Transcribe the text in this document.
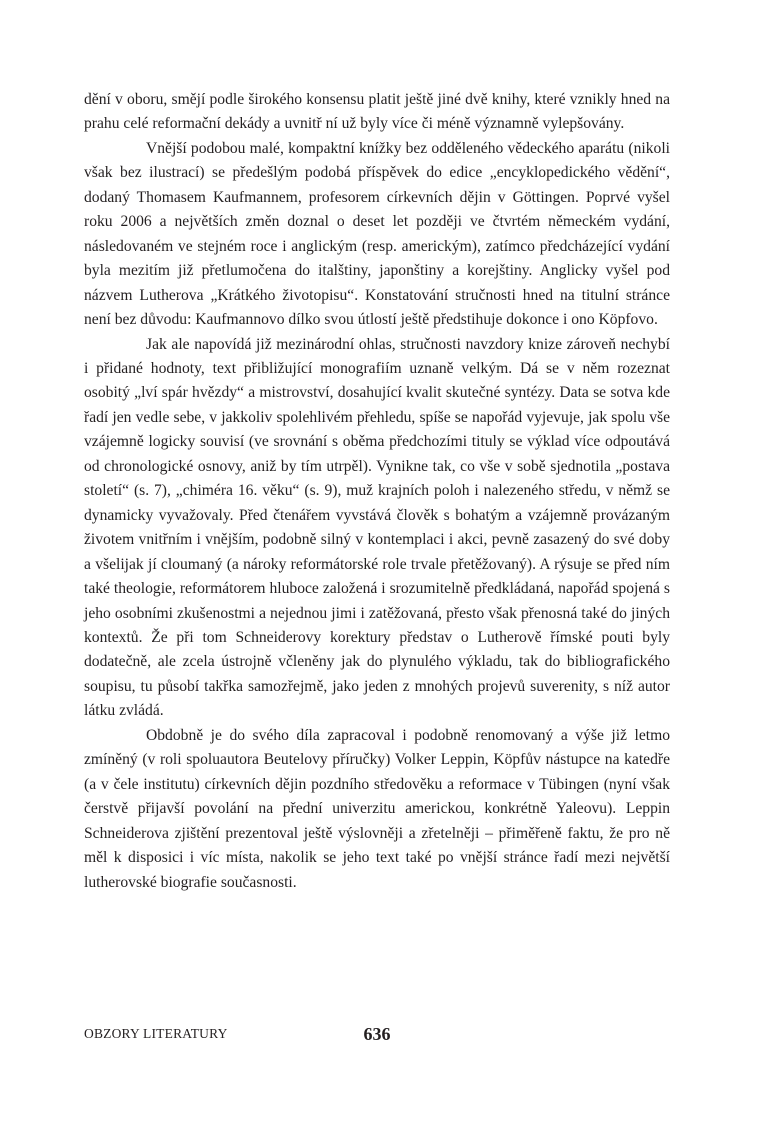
dění v oboru, smějí podle širokého konsensu platit ještě jiné dvě knihy, které vznikly hned na prahu celé reformační dekády a uvnitř ní už byly více či méně významně vylepšovány.

Vnější podobou malé, kompaktní knížky bez odděleného vědeckého aparátu (nikoli však bez ilustrací) se předešlým podobá příspěvek do edice „encyklopedického vědění“, dodaný Thomasem Kaufmannem, profesorem církevních dějin v Göttingen. Poprvé vyšel roku 2006 a největších změn doznal o deset let později ve čtvrtém německém vydání, následovaném ve stejném roce i anglickým (resp. americkým), zatímco předcházející vydání byla mezitím již přetlumočena do italštiny, japonštiny a korejštiny. Anglicky vyšel pod názvem Lutherova „Krátkého životopisu“. Konstatování stručnosti hned na titulní stránce není bez důvodu: Kaufmannovo dílko svou útlostí ještě předstihuje dokonce i ono Köpfovo.

Jak ale napovídá již mezinárodní ohlas, stručnosti navzdory knize zároveň nechybí i přidané hodnoty, text přibližující monografiím uznaně velkým. Dá se v něm rozeznat osobitý „lví spár hvězdy“ a mistrovství, dosahující kvalit skutečné syntézy. Data se sotva kde řadí jen vedle sebe, v jakkoliv spolehlivém přehledu, spíše se napořád vyjevuje, jak spolu vše vzájemně logicky souvisí (ve srovnání s oběma předchozími tituly se výklad více odpoutává od chronologické osnovy, aniž by tím utrpěl). Vynikne tak, co vše v sobě sjednotila „postava století“ (s. 7), „chiméra 16. věku“ (s. 9), muž krajních poloh i nalezeného středu, v němž se dynamicky vyvažovaly. Před čtenářem vyvstává člověk s bohatým a vzájemně provázaným životem vnitřním i vnějším, podobně silný v kontemplaci i akci, pevně zasazený do své doby a všelijak jí cloumaný (a nároky reformátorské role trvale přetěžovaný). A rýsuje se před ním také theologie, reformátorem hluboce založená i srozumitelně předkládaná, napořád spojená s jeho osobními zkušenostmi a nejednou jimi i zatěžovaná, přesto však přenosná také do jiných kontextů. Že při tom Schneiderovy korektury představ o Lutherově římské pouti byly dodatečně, ale zcela ústrojně včleněny jak do plynulého výkladu, tak do bibliografického soupisu, tu působí takřka samozřejmě, jako jeden z mnohých projevů suverenity, s níž autor látku zvládá.

Obdobně je do svého díla zapracoval i podobně renomovaný a výše již letmo zmíněný (v roli spoluautora Beutelovy příručky) Volker Leppin, Köpfův nástupce na katedře (a v čele institutu) církevních dějin pozdního středověku a reformace v Tübingen (nyní však čerstvě přijavší povolání na přední univerzitu americkou, konkrétně Yaleovu). Leppin Schneiderova zjištění prezentoval ještě výslovněji a zřetelněji – přiměřeně faktu, že pro ně měl k disposici i víc místa, nakolik se jeho text také po vnější stránce řadí mezi největší lutherovské biografie současnosti.

OBZORY LITERATURY	636
